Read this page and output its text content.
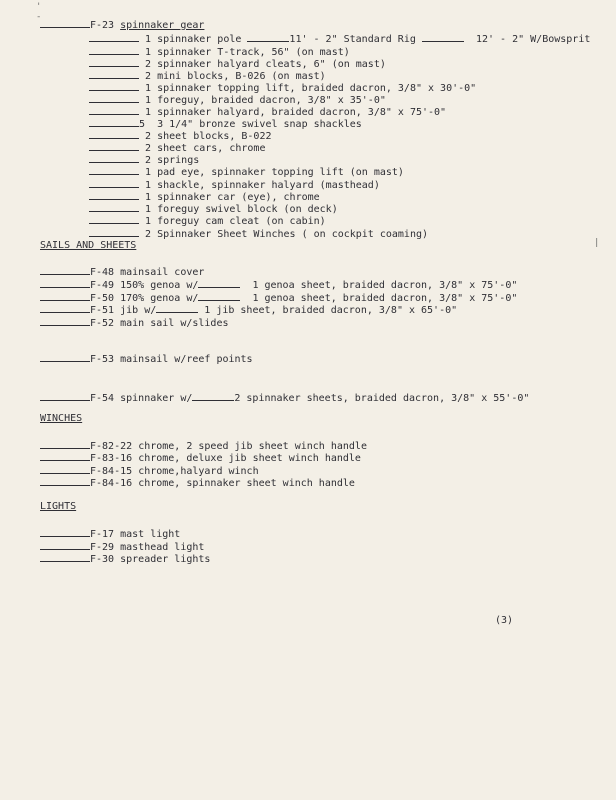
'
-
|
F-23 spinnaker gear
1 spinnaker pole	11' - 2" Standard Rig	12' - 2" W/Bowsprit
1 spinnaker T-track, 56" (on mast)
2 spinnaker halyard cleats, 6" (on mast)
2 mini blocks, B-026 (on mast)
1 spinnaker topping lift, braided dacron, 3/8" x 30'-0"
1 foreguy, braided dacron, 3/8" x 35'-0"
1 spinnaker halyard, braided dacron, 3/8" x 75'-0"
5 3 1/4" bronze swivel snap shackles
2 sheet blocks, B-022
2 sheet cars, chrome
2 springs
1 pad eye, spinnaker topping lift (on mast)
1 shackle, spinnaker halyard (masthead)
1 spinnaker car (eye), chrome
1 foreguy swivel block (on deck)
1 foreguy cam cleat (on cabin)
2 Spinnaker Sheet Winches ( on cockpit coaming)
SAILS AND SHEETS
F-48 mainsail cover
F-49 150% genoa w/	1 genoa sheet, braided dacron, 3/8" x 75'-0"
F-50 170% genoa w/	1 genoa sheet, braided dacron, 3/8" x 75'-0"
F-51 jib w/	1 jib sheet, braided dacron, 3/8" x 65'-0"
F-52 main sail w/slides
F-53 mainsail w/reef points
F-54 spinnaker w/	2 spinnaker sheets, braided dacron, 3/8" x 55'-0"
WINCHES
F-82-22 chrome, 2 speed jib sheet winch handle
F-83-16 chrome, deluxe jib sheet winch handle
F-84-15 chrome,halyard winch
F-84-16 chrome, spinnaker sheet winch handle
LIGHTS
F-17 mast light
F-29 masthead light
F-30 spreader lights
(3)
